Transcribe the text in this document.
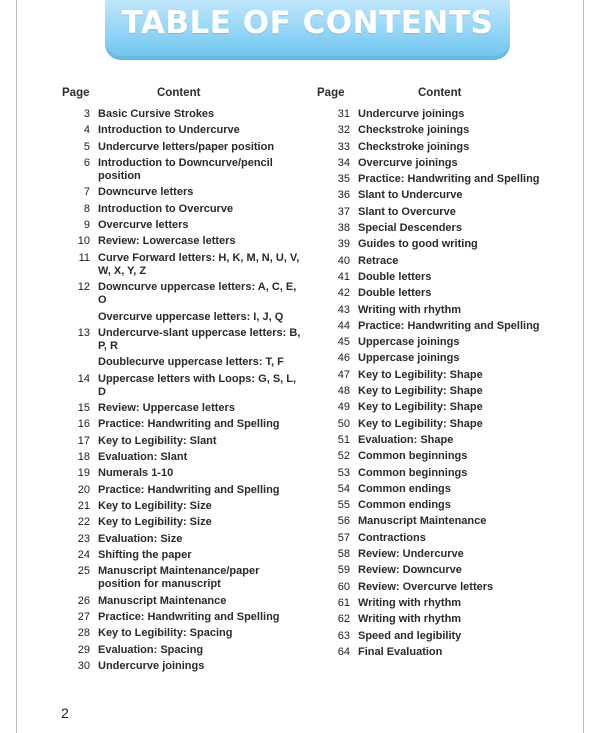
TABLE OF CONTENTS
Page	Content
3 Basic Cursive Strokes
4 Introduction to Undercurve
5 Undercurve letters/paper position
6 Introduction to Downcurve/pencil position
7 Downcurve letters
8 Introduction to Overcurve
9 Overcurve letters
10 Review: Lowercase letters
11 Curve Forward letters: H, K, M, N, U, V, W, X, Y, Z
12 Downcurve uppercase letters: A, C, E, O
Overcurve uppercase letters: I, J, Q
13 Undercurve-slant uppercase letters: B, P, R
Doublecurve uppercase letters: T, F
14 Uppercase letters with Loops: G, S, L, D
15 Review: Uppercase letters
16 Practice: Handwriting and Spelling
17 Key to Legibility: Slant
18 Evaluation: Slant
19 Numerals 1-10
20 Practice: Handwriting and Spelling
21 Key to Legibility: Size
22 Key to Legibility: Size
23 Evaluation: Size
24 Shifting the paper
25 Manuscript Maintenance/paper position for manuscript
26 Manuscript Maintenance
27 Practice: Handwriting and Spelling
28 Key to Legibility: Spacing
29 Evaluation: Spacing
30 Undercurve joinings
Page	Content
31 Undercurve joinings
32 Checkstroke joinings
33 Checkstroke joinings
34 Overcurve joinings
35 Practice: Handwriting and Spelling
36 Slant to Undercurve
37 Slant to Overcurve
38 Special Descenders
39 Guides to good writing
40 Retrace
41 Double letters
42 Double letters
43 Writing with rhythm
44 Practice: Handwriting and Spelling
45 Uppercase joinings
46 Uppercase joinings
47 Key to Legibility: Shape
48 Key to Legibility: Shape
49 Key to Legibility: Shape
50 Key to Legibility: Shape
51 Evaluation: Shape
52 Common beginnings
53 Common beginnings
54 Common endings
55 Common endings
56 Manuscript Maintenance
57 Contractions
58 Review: Undercurve
59 Review: Downcurve
60 Review: Overcurve letters
61 Writing with rhythm
62 Writing with rhythm
63 Speed and legibility
64 Final Evaluation
2
